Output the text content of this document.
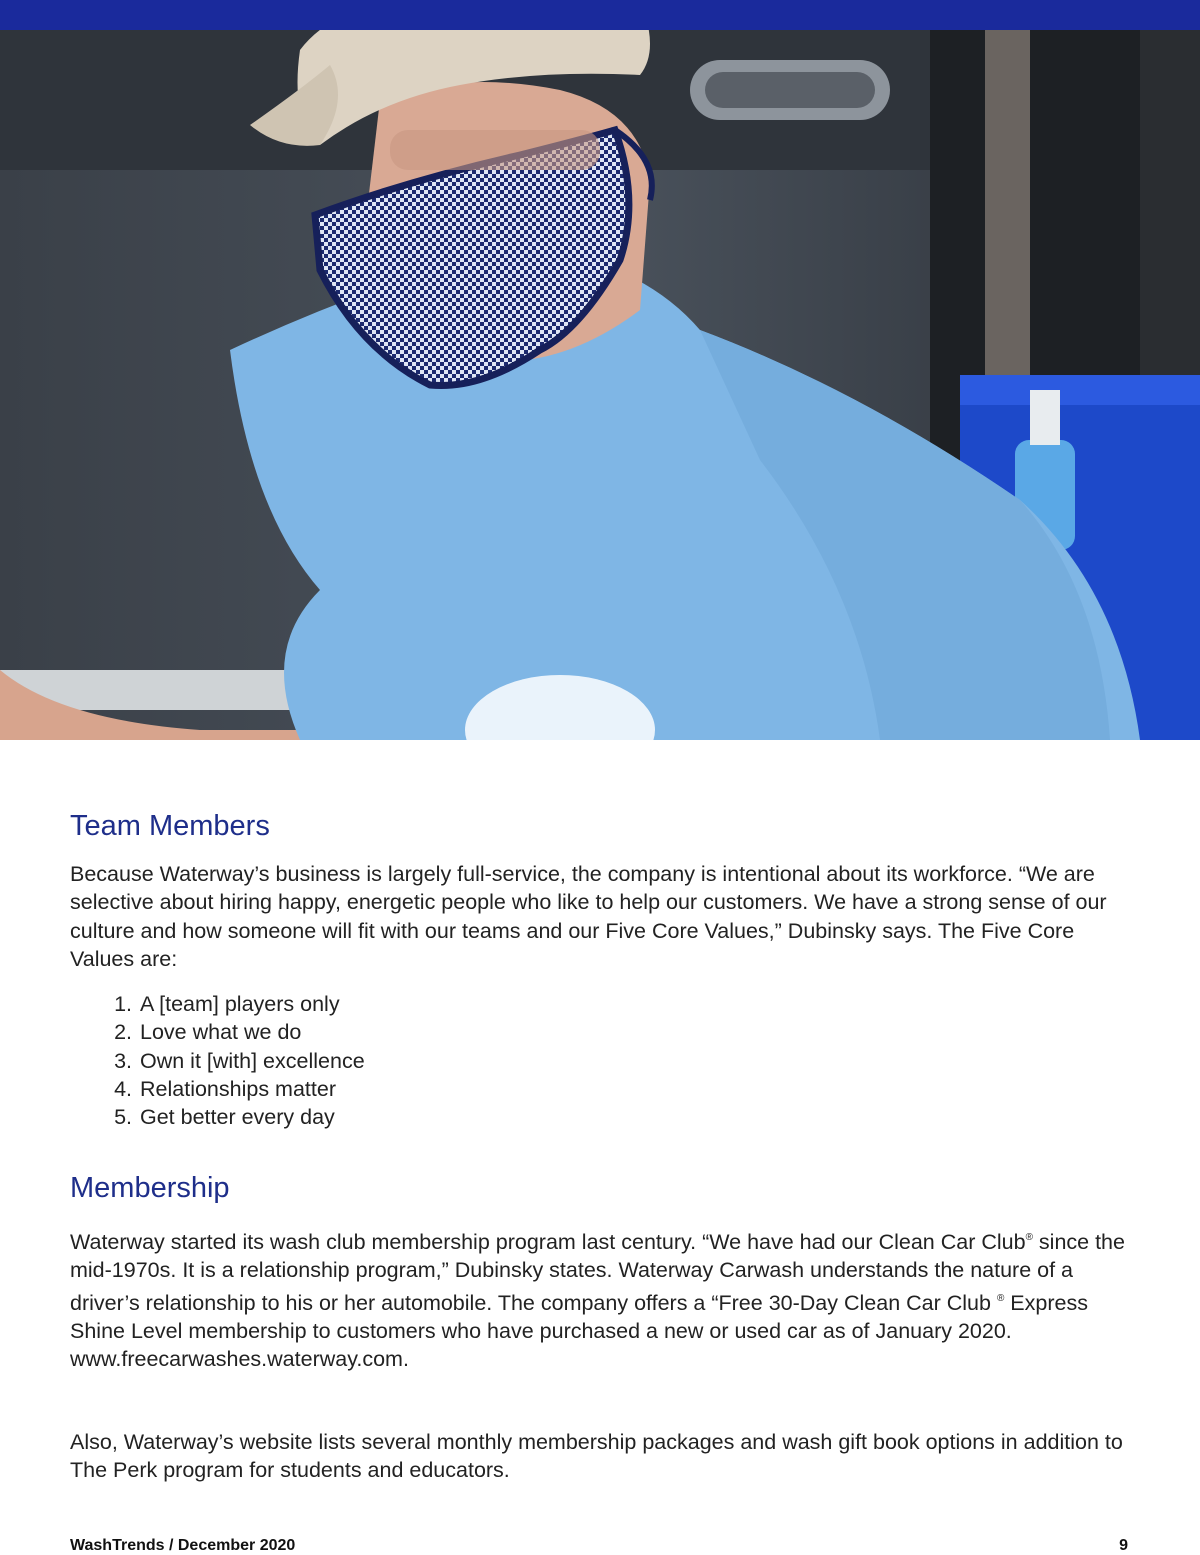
Team Members

Because Waterway’s business is largely full-service, the company is intentional about its workforce. “We are selective about hiring happy, energetic people who like to help our customers. We have a strong sense of our culture and how someone will fit with our teams and our Five Core Values,” Dubinsky says. The Five Core Values are:

1. A [team] players only
2. Love what we do
3. Own it [with] excellence
4. Relationships matter
5. Get better every day
Membership

Waterway started its wash club membership program last century. “We have had our Clean Car Club® since the mid-1970s. It is a relationship program,” Dubinsky states. Waterway Carwash understands the nature of a driver’s relationship to his or her automobile. The company offers a “Free 30-Day Clean Car Club ® Express Shine Level membership to customers who have purchased a new or used car as of January 2020. www.freecarwashes.waterway.com.

Also, Waterway’s website lists several monthly membership packages and wash gift book options in addition to The Perk program for students and educators.

WashTrends / December 2020	9
